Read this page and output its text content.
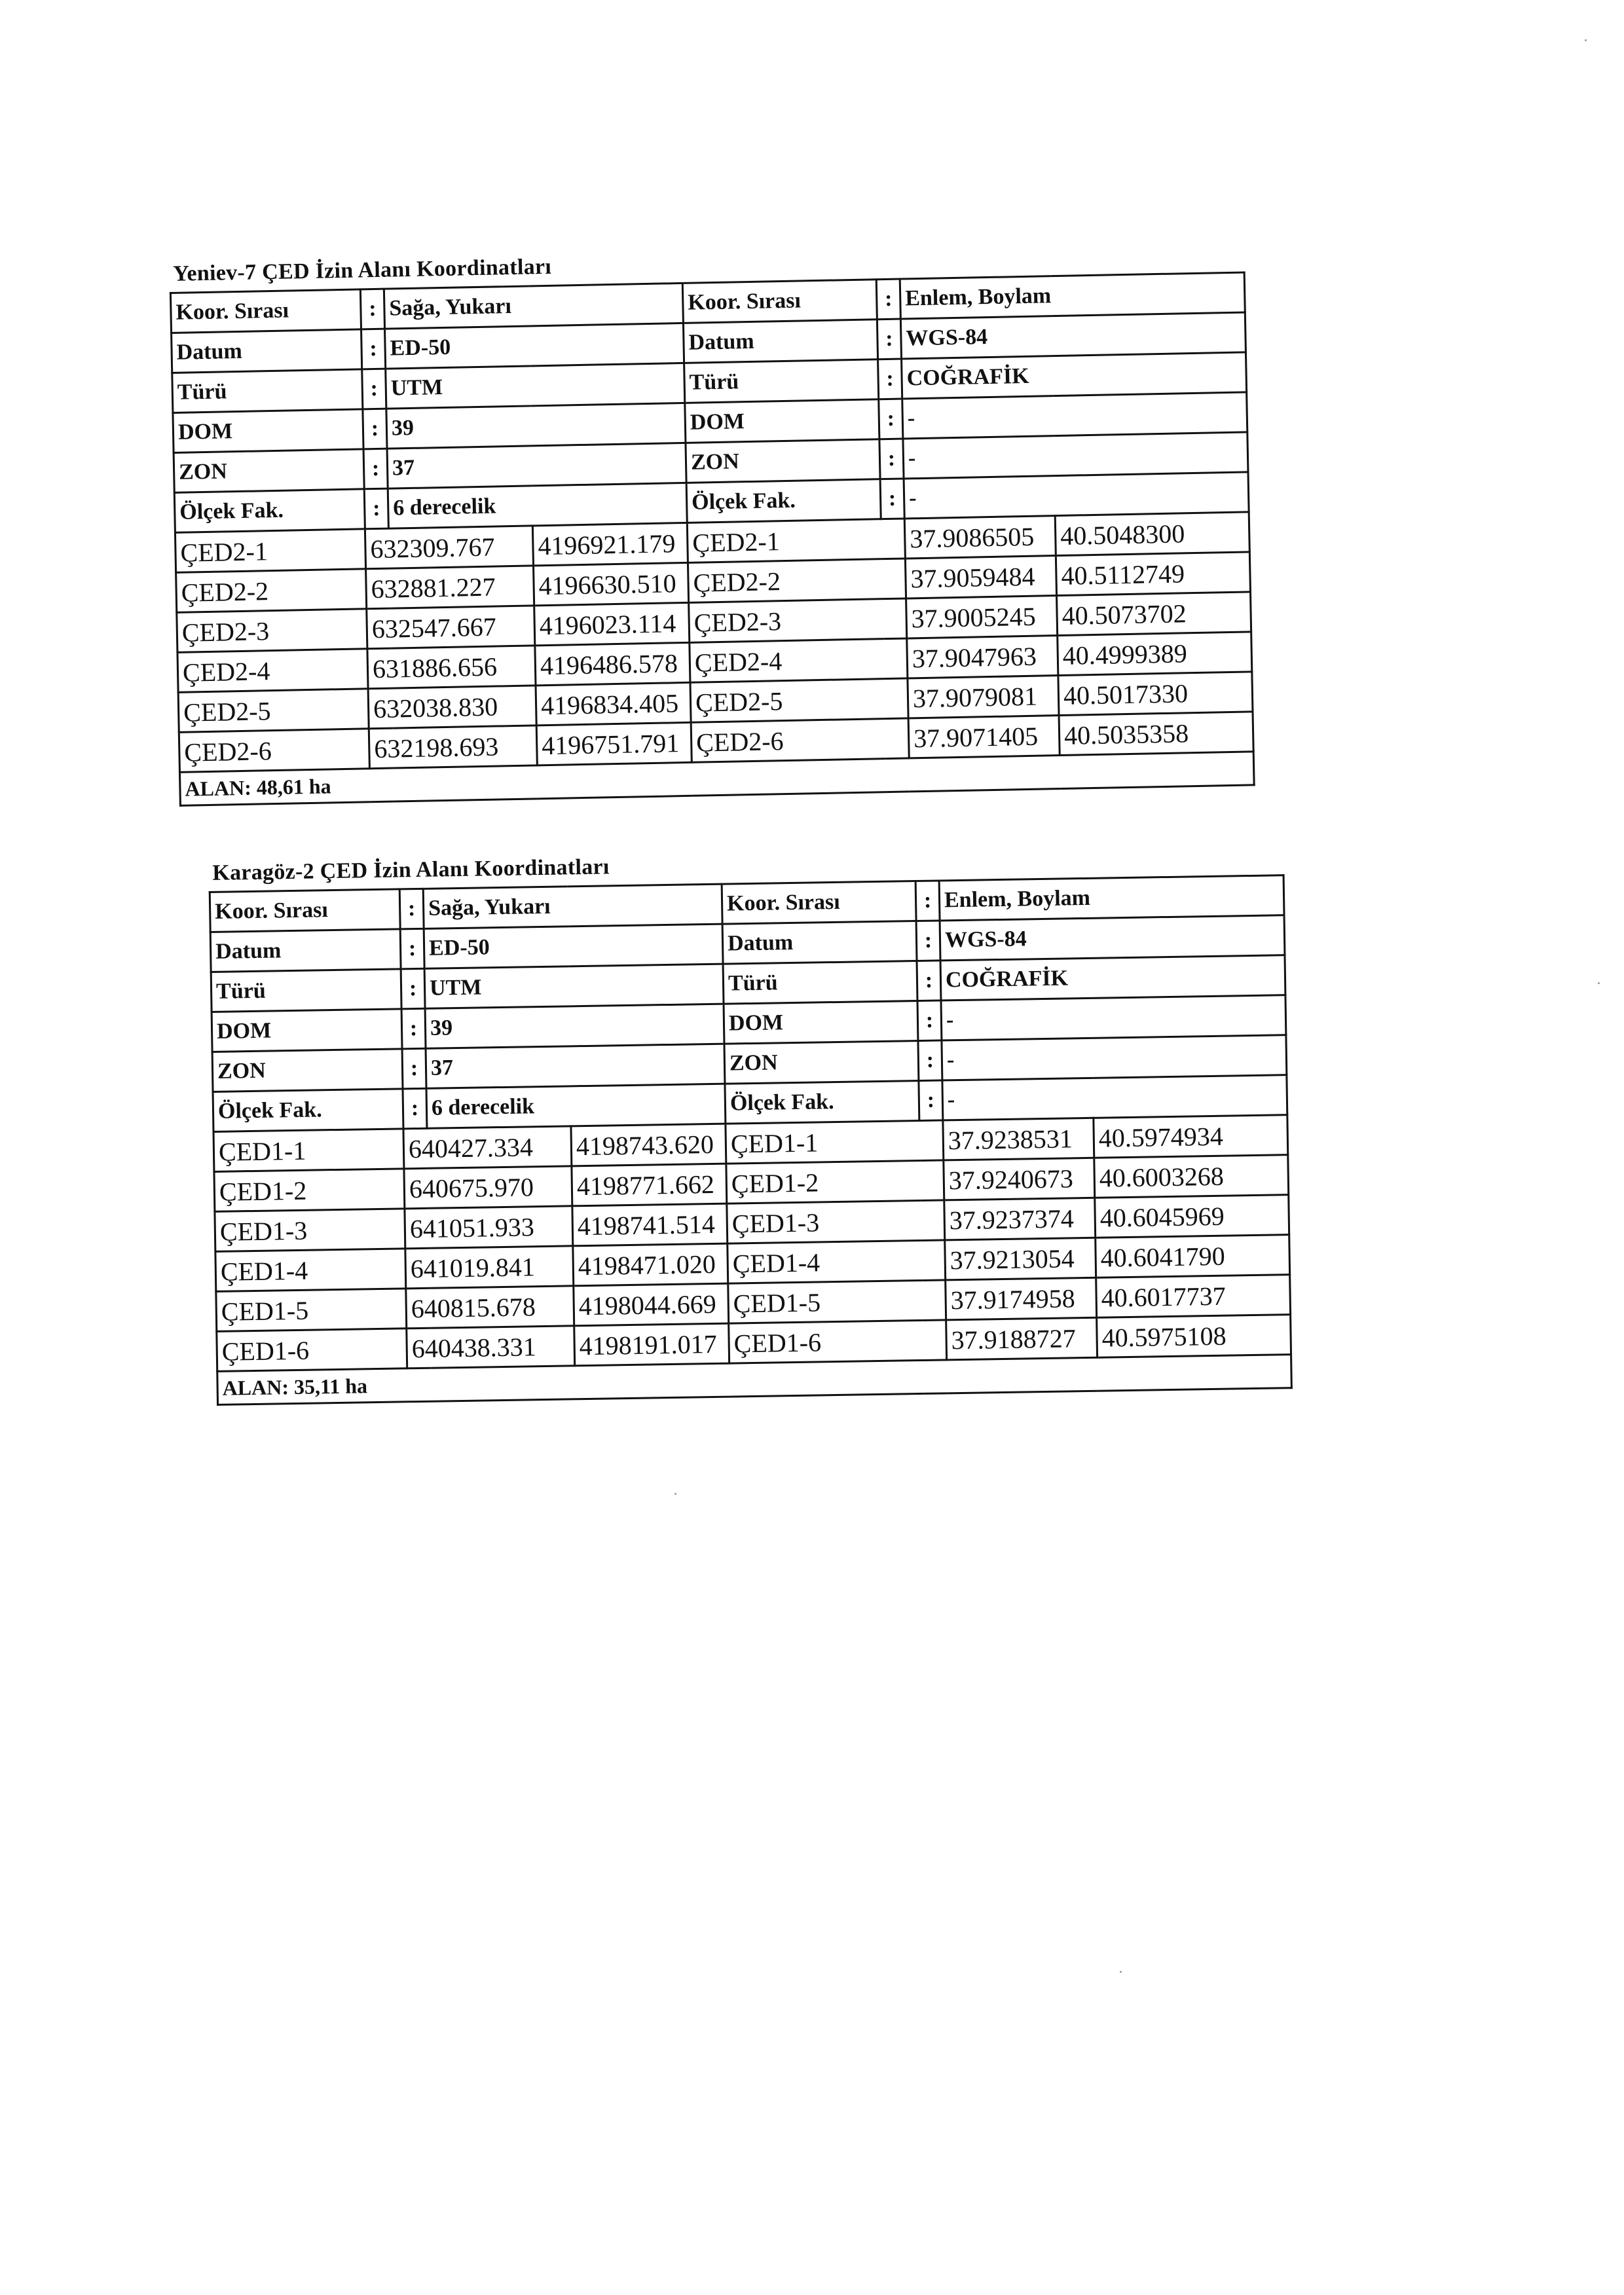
Yeniev-7 ÇED İzin Alanı Koordinatları
Koor. Sırası	:	Sağa, Yukarı		Koor. Sırası	:	Enlem, Boylam	
Datum	:	ED-50		Datum	:	WGS-84	
Türü	:	UTM		Türü	:	COĞRAFİK	
DOM	:	39		DOM	:	-	
ZON	:	37		ZON	:	-	
Ölçek Fak.	:	6 derecelik		Ölçek Fak.	:	-	
ÇED2-1	632309.767		4196921.179	ÇED2-1		37.9086505	40.5048300
ÇED2-2	632881.227		4196630.510	ÇED2-2		37.9059484	40.5112749
ÇED2-3	632547.667		4196023.114	ÇED2-3		37.9005245	40.5073702
ÇED2-4	631886.656		4196486.578	ÇED2-4		37.9047963	40.4999389
ÇED2-5	632038.830		4196834.405	ÇED2-5		37.9079081	40.5017330
ÇED2-6	632198.693		4196751.791	ÇED2-6		37.9071405	40.5035358
ALAN: 48,61 ha							
Karagöz-2 ÇED İzin Alanı Koordinatları
Koor. Sırası	:	Sağa, Yukarı		Koor. Sırası	:	Enlem, Boylam	
Datum	:	ED-50		Datum	:	WGS-84	
Türü	:	UTM		Türü	:	COĞRAFİK	
DOM	:	39		DOM	:	-	
ZON	:	37		ZON	:	-	
Ölçek Fak.	:	6 derecelik		Ölçek Fak.	:	-	
ÇED1-1	640427.334		4198743.620	ÇED1-1		37.9238531	40.5974934
ÇED1-2	640675.970		4198771.662	ÇED1-2		37.9240673	40.6003268
ÇED1-3	641051.933		4198741.514	ÇED1-3		37.9237374	40.6045969
ÇED1-4	641019.841		4198471.020	ÇED1-4		37.9213054	40.6041790
ÇED1-5	640815.678		4198044.669	ÇED1-5		37.9174958	40.6017737
ÇED1-6	640438.331		4198191.017	ÇED1-6		37.9188727	40.5975108
ALAN: 35,11 ha							
